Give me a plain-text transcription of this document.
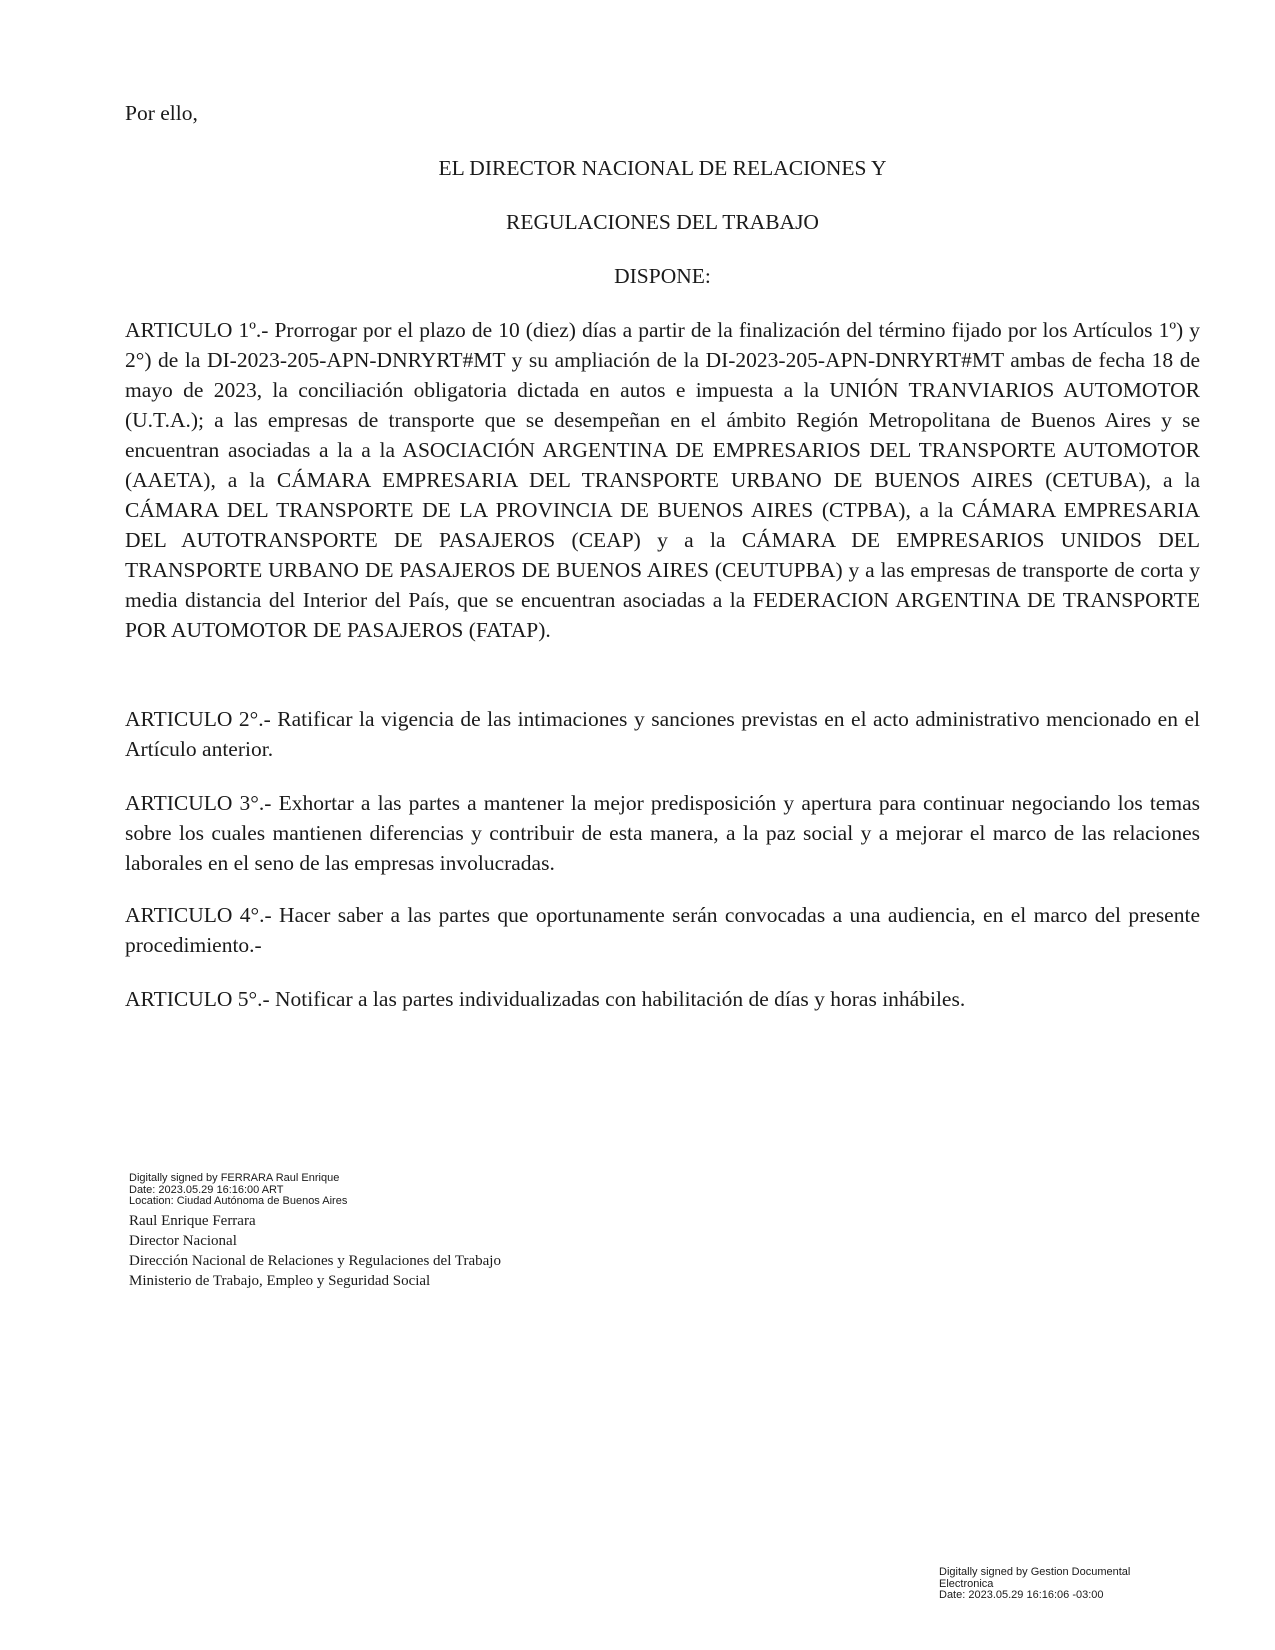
Por ello,
EL DIRECTOR NACIONAL DE RELACIONES Y
REGULACIONES DEL TRABAJO
DISPONE:

ARTICULO 1º.- Prorrogar por el plazo de 10 (diez) días a partir de la finalización del término fijado por los Artículos 1º) y 2°) de la DI-2023-205-APN-DNRYRT#MT y su ampliación de la DI-2023-205-APN-DNRYRT#MT ambas de fecha 18 de mayo de 2023, la conciliación obligatoria dictada en autos e impuesta a la UNIÓN TRANVIARIOS AUTOMOTOR (U.T.A.); a las empresas de transporte que se desempeñan en el ámbito Región Metropolitana de Buenos Aires y se encuentran asociadas a la a la ASOCIACIÓN ARGENTINA DE EMPRESARIOS DEL TRANSPORTE AUTOMOTOR (AAETA), a la CÁMARA EMPRESARIA DEL TRANSPORTE URBANO DE BUENOS AIRES (CETUBA), a la CÁMARA DEL TRANSPORTE DE LA PROVINCIA DE BUENOS AIRES (CTPBA), a la CÁMARA EMPRESARIA DEL AUTOTRANSPORTE DE PASAJEROS (CEAP) y a la CÁMARA DE EMPRESARIOS UNIDOS DEL TRANSPORTE URBANO DE PASAJEROS DE BUENOS AIRES (CEUTUPBA) y a las empresas de transporte de corta y media distancia del Interior del País, que se encuentran asociadas a la FEDERACION ARGENTINA DE TRANSPORTE POR AUTOMOTOR DE PASAJEROS (FATAP).

ARTICULO 2°.- Ratificar la vigencia de las intimaciones y sanciones previstas en el acto administrativo mencionado en el Artículo anterior.

ARTICULO 3°.- Exhortar a las partes a mantener la mejor predisposición y apertura para continuar negociando los temas sobre los cuales mantienen diferencias y contribuir de esta manera, a la paz social y a mejorar el marco de las relaciones laborales en el seno de las empresas involucradas.

ARTICULO 4°.- Hacer saber a las partes que oportunamente serán convocadas a una audiencia, en el marco del presente procedimiento.-

ARTICULO 5°.- Notificar a las partes individualizadas con habilitación de días y horas inhábiles.

Digitally signed by FERRARA Raul Enrique
Date: 2023.05.29 16:16:00 ART
Location: Ciudad Autónoma de Buenos Aires
Raul Enrique Ferrara
Director Nacional
Dirección Nacional de Relaciones y Regulaciones del Trabajo
Ministerio de Trabajo, Empleo y Seguridad Social
Digitally signed by Gestion Documental
Electronica
Date: 2023.05.29 16:16:06 -03:00
